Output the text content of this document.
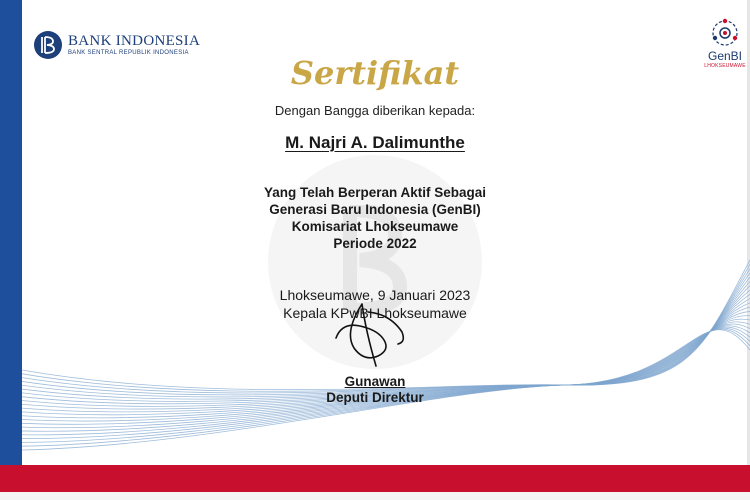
BANK INDONESIA
BANK SENTRAL REPUBLIK INDONESIA	GenBI
LHOKSEUMAWE
Sertifikat
Dengan Bangga diberikan kepada:
M. Najri A. Dalimunthe
Yang Telah Berperan Aktif Sebagai
Generasi Baru Indonesia (GenBI)
Komisariat Lhokseumawe
Periode 2022
Lhokseumawe, 9 Januari 2023
Kepala KPwBI Lhokseumawe
Gunawan
Deputi Direktur
